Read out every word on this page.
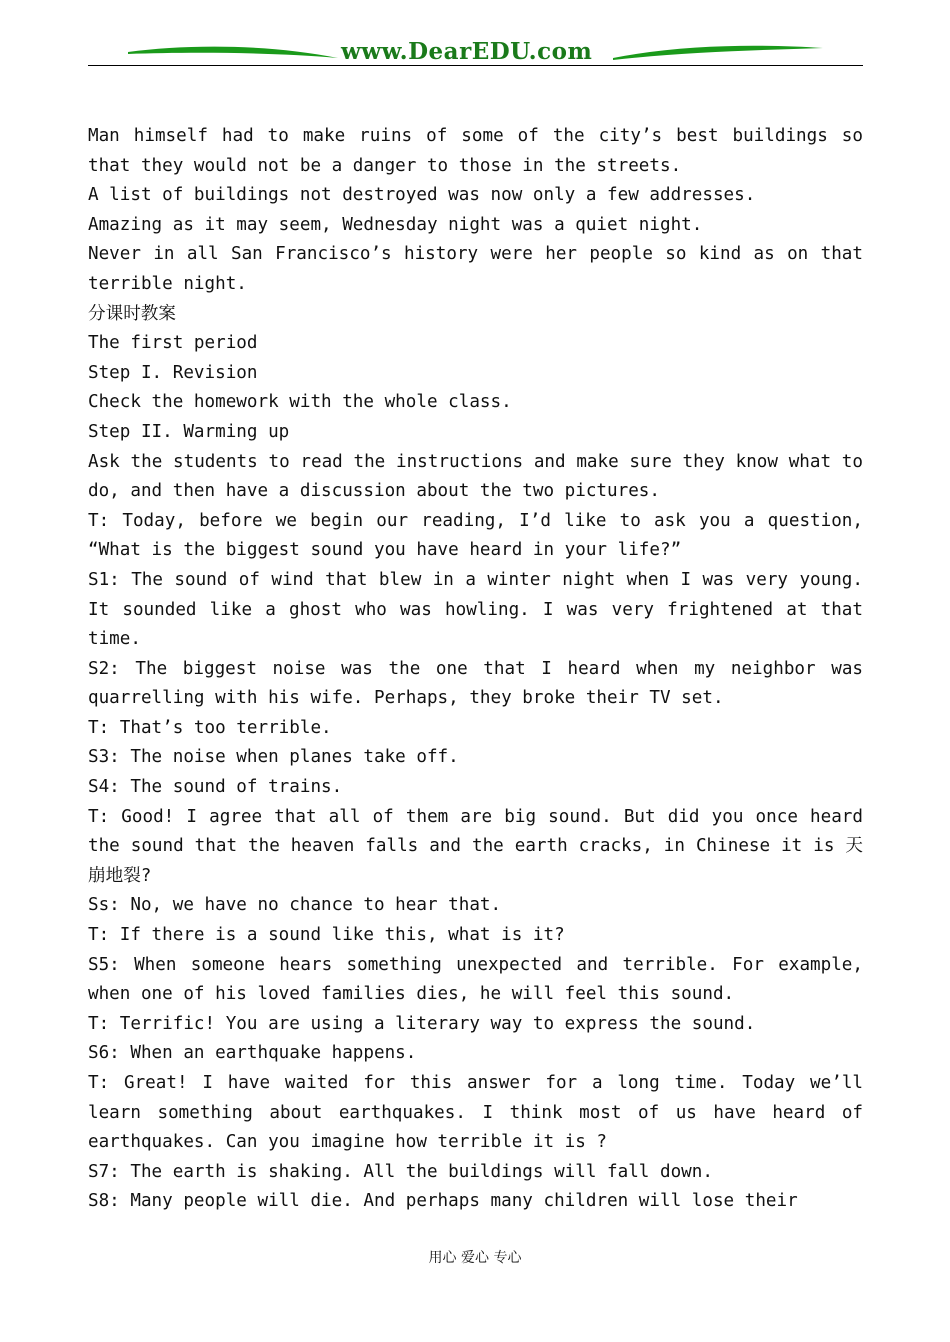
www.DearEDU.com

Man himself had to make ruins of some of the city’s best buildings so that they would not be a danger to those in the streets.

A list of buildings not destroyed was now only a few addresses.

Amazing as it may seem, Wednesday night was a quiet night.

Never in all San Francisco’s history were her people so kind as on that terrible night.

分课时教案

The first period

Step I. Revision

Check the homework with the whole class.

Step II. Warming up

Ask the students to read the instructions and make sure they know what to do, and then have a discussion about the two pictures.

T: Today, before we begin our reading, I’d like to ask you a question, “What is the biggest sound you have heard in your life?”

S1: The sound of wind that blew in a winter night when I was very young. It sounded like a ghost who was howling. I was very frightened at that time.

S2: The biggest noise was the one that I heard when my neighbor was quarrelling with his wife. Perhaps, they broke their TV set.

T: That’s too terrible.

S3: The noise when planes take off.

S4: The sound of trains.

T: Good! I agree that all of them are big sound. But did you once heard the sound that the heaven falls and the earth cracks, in Chinese it is 天崩地裂?

Ss: No, we have no chance to hear that.

T: If there is a sound like this, what is it?

S5: When someone hears something unexpected and terrible. For example, when one of his loved families dies, he will feel this sound.

T: Terrific! You are using a literary way to express the sound.

S6: When an earthquake happens.

T: Great! I have waited for this answer for a long time. Today we’ll learn something about earthquakes. I think most of us have heard of earthquakes. Can you imagine how terrible it is ?

S7: The earth is shaking. All the buildings will fall down.

S8: Many people will die. And perhaps many children will lose their

用心 爱心 专心
